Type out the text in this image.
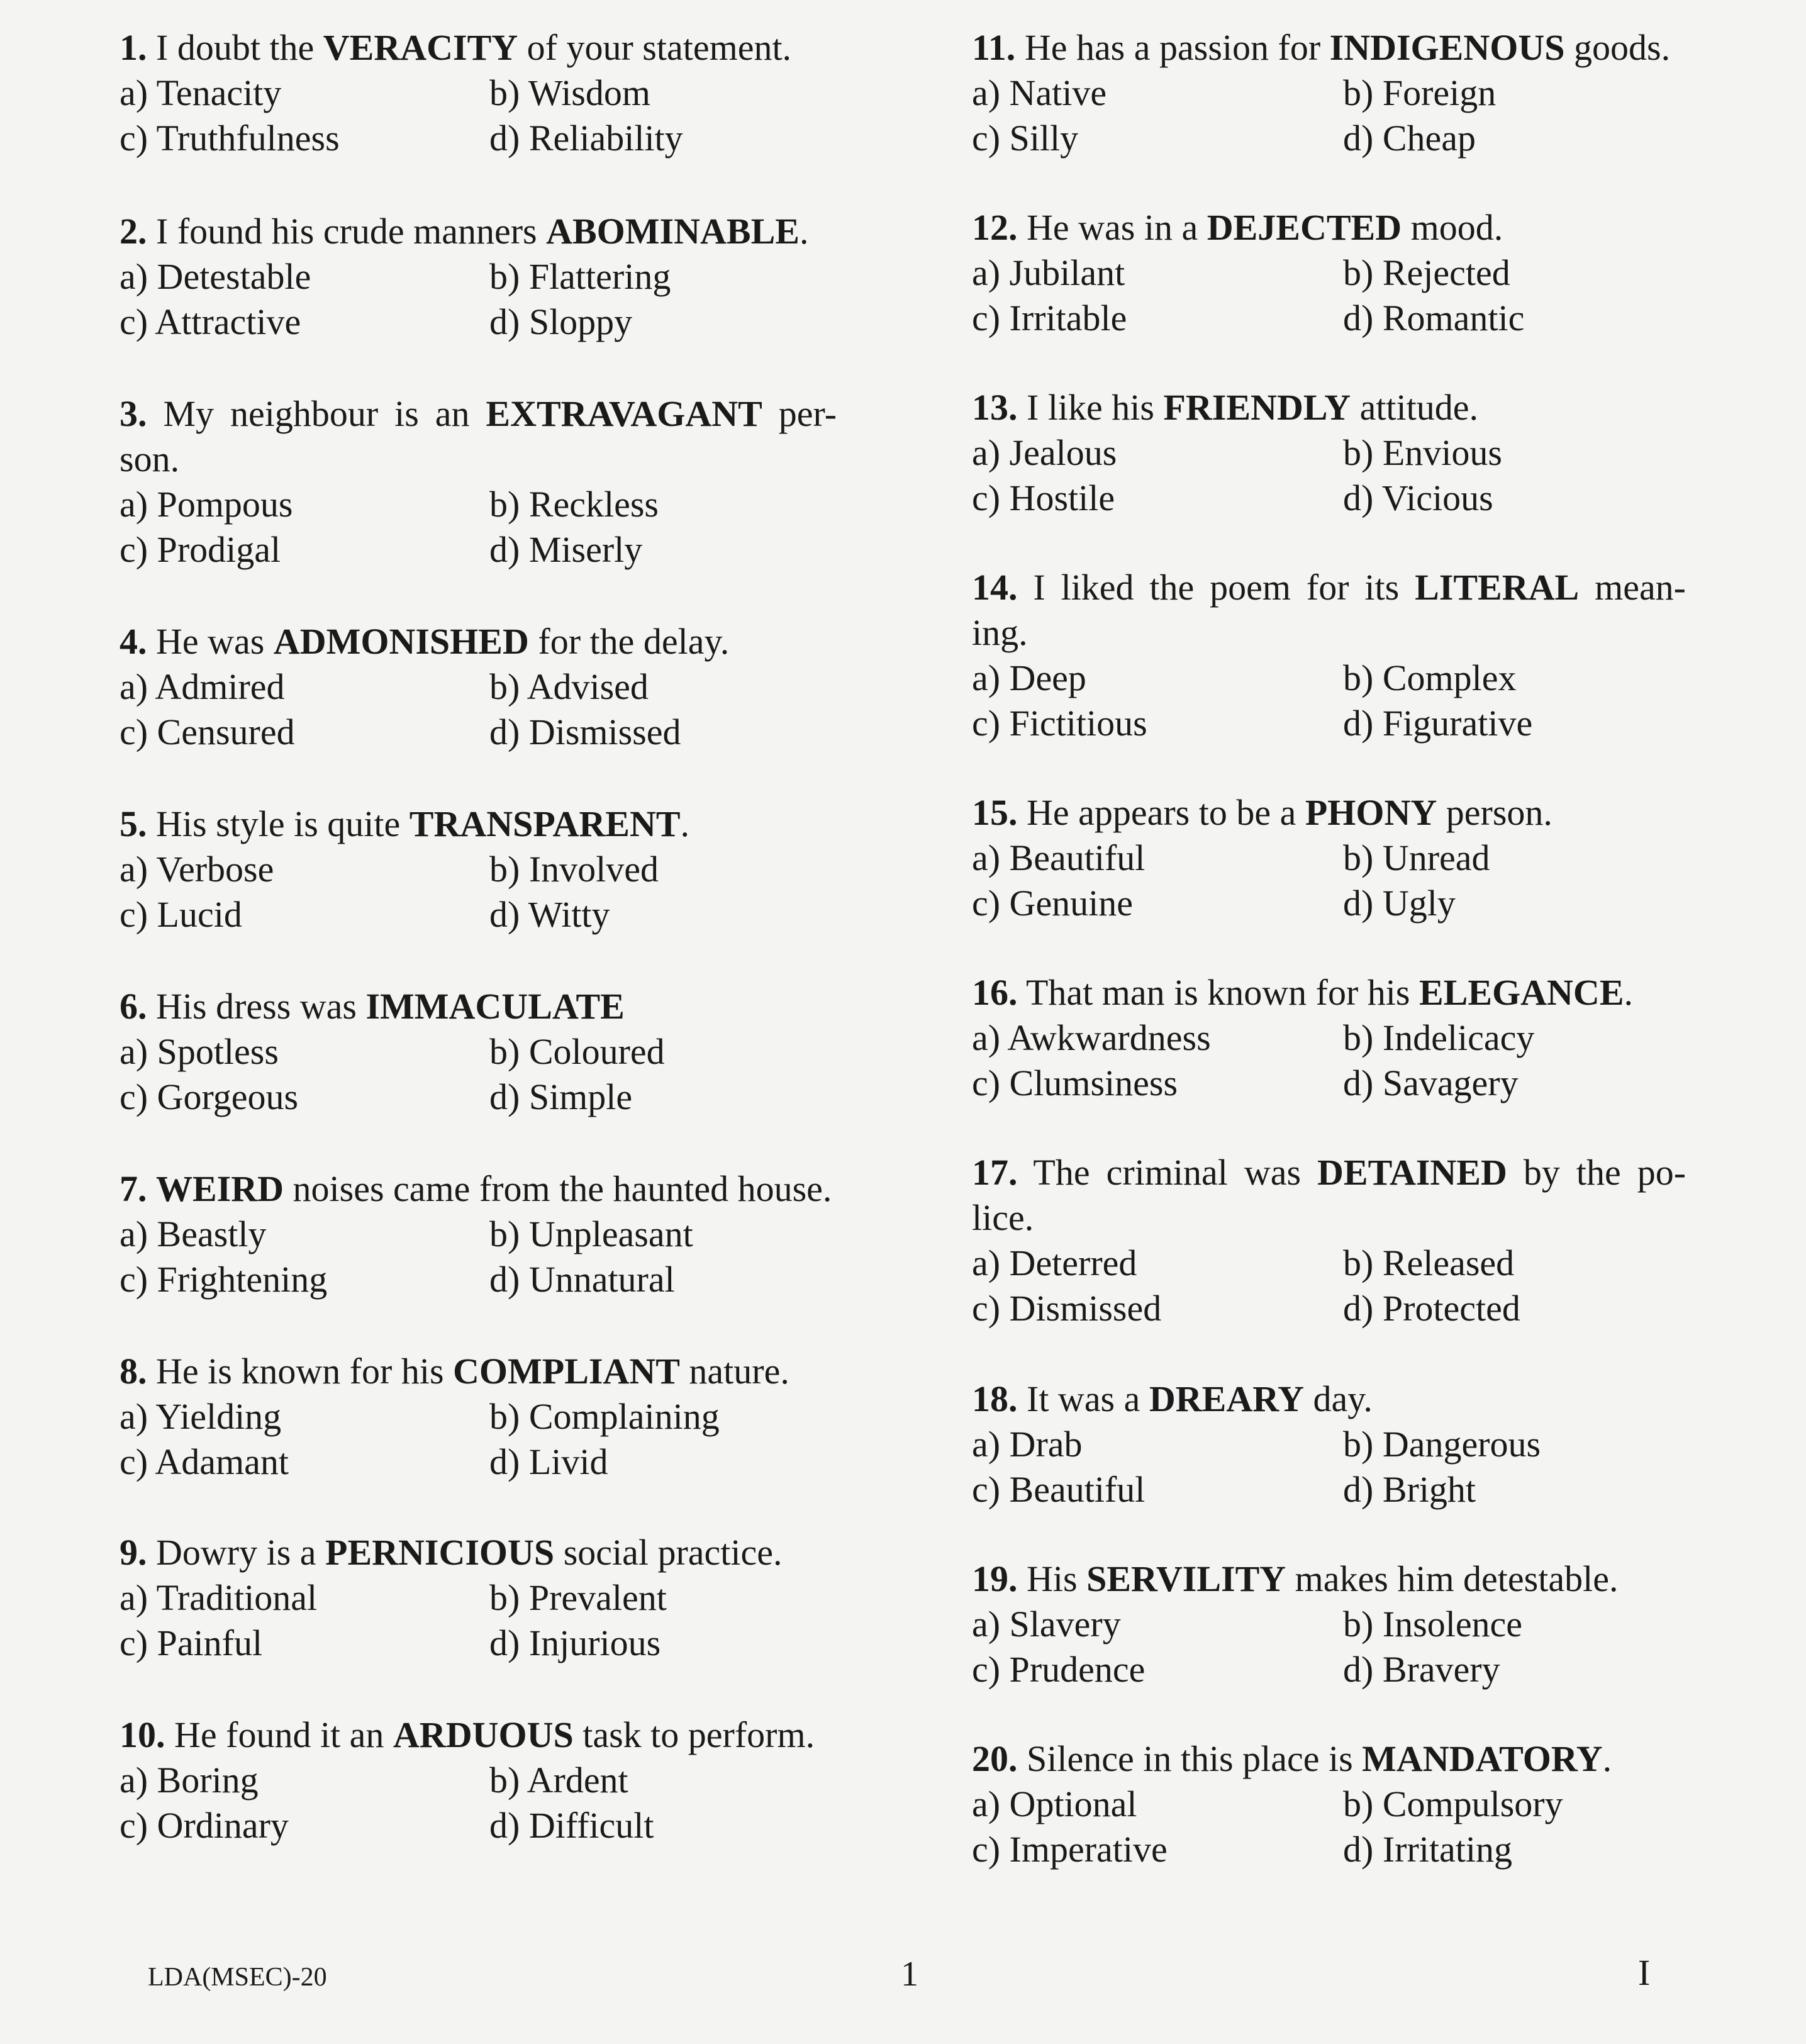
1. I doubt the VERACITY of your statement.
a) Tenacity	b) Wisdom
c) Truthfulness	d) Reliability
2. I found his crude manners ABOMINABLE.
a) Detestable	b) Flattering
c) Attractive	d) Sloppy
3. My neighbour is an EXTRAVAGANT per-son.
a) Pompous	b) Reckless
c) Prodigal	d) Miserly
4. He was ADMONISHED for the delay.
a) Admired	b) Advised
c) Censured	d) Dismissed
5. His style is quite TRANSPARENT.
a) Verbose	b) Involved
c) Lucid	d) Witty
6. His dress was IMMACULATE
a) Spotless	b) Coloured
c) Gorgeous	d) Simple
7. WEIRD noises came from the haunted house.
a) Beastly	b) Unpleasant
c) Frightening	d) Unnatural
8. He is known for his COMPLIANT nature.
a) Yielding	b) Complaining
c) Adamant	d) Livid
9. Dowry is a PERNICIOUS social practice.
a) Traditional	b) Prevalent
c) Painful	d) Injurious
10. He found it an ARDUOUS task to perform.
a) Boring	b) Ardent
c) Ordinary	d) Difficult
11. He has a passion for INDIGENOUS goods.
a) Native	b) Foreign
c) Silly	d) Cheap
12. He was in a DEJECTED mood.
a) Jubilant	b) Rejected
c) Irritable	d) Romantic
13. I like his FRIENDLY attitude.
a) Jealous	b) Envious
c) Hostile	d) Vicious
14. I liked the poem for its LITERAL mean-ing.
a) Deep	b) Complex
c) Fictitious	d) Figurative
15. He appears to be a PHONY person.
a) Beautiful	b) Unread
c) Genuine	d) Ugly
16. That man is known for his ELEGANCE.
a) Awkwardness	b) Indelicacy
c) Clumsiness	d) Savagery
17. The criminal was DETAINED by the po-lice.
a) Deterred	b) Released
c) Dismissed	d) Protected
18. It was a DREARY day.
a) Drab	b) Dangerous
c) Beautiful	d) Bright
19. His SERVILITY makes him detestable.
a) Slavery	b) Insolence
c) Prudence	d) Bravery
20. Silence in this place is MANDATORY.
a) Optional	b) Compulsory
c) Imperative	d) Irritating
LDA(MSEC)-20	1	I
